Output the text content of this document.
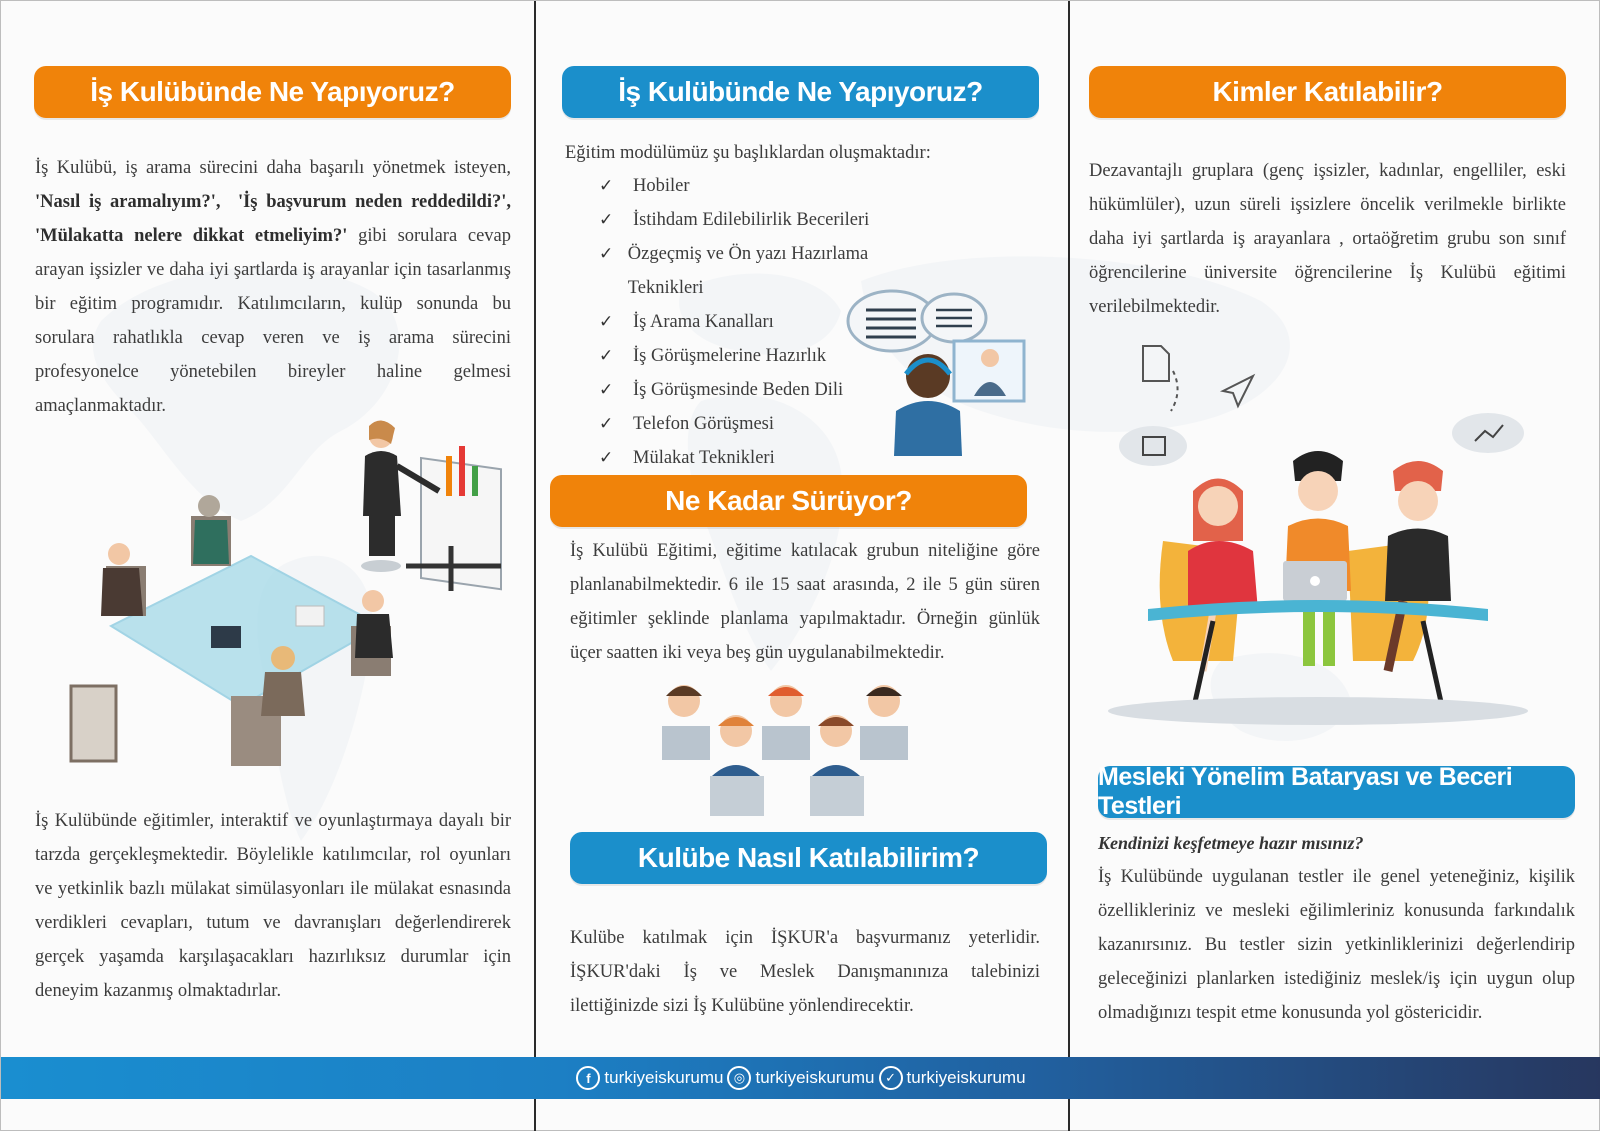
İş Kulübünde Ne Yapıyoruz?

İş Kulübü, iş arama sürecini daha başarılı yönetmek isteyen, 'Nasıl iş aramalıyım?', 'İş başvurum neden reddedildi?', 'Mülakatta nelere dikkat etmeliyim?' gibi sorulara cevap arayan işsizler ve daha iyi şartlarda iş arayanlar için tasarlanmış bir eğitim programıdır. Katılımcıların, kulüp sonunda bu sorulara rahatlıkla cevap veren ve iş arama sürecini profesyonelce yönetebilen bireyler haline gelmesi amaçlanmaktadır.

İş Kulübünde eğitimler, interaktif ve oyunlaştırmaya dayalı bir tarzda gerçekleşmektedir. Böylelikle katılımcılar, rol oyunları ve yetkinlik bazlı mülakat simülasyonları ile mülakat esnasında verdikleri cevapları, tutum ve davranışları değerlendirerek gerçek yaşamda karşılaşacakları hazırlıksız durumlar için deneyim kazanmış olmaktadırlar.

İş Kulübünde Ne Yapıyoruz?

Eğitim modülümüz şu başlıklardan oluşmaktadır:

✓	Hobiler
✓	İstihdam Edilebilirlik Becerileri
✓ Özgeçmiş ve Ön yazı Hazırlama Teknikleri
✓	İş Arama Kanalları
✓	İş Görüşmelerine Hazırlık
✓	İş Görüşmesinde Beden Dili
✓	Telefon Görüşmesi
✓	Mülakat Teknikleri
Ne Kadar Sürüyor?

İş Kulübü Eğitimi, eğitime katılacak grubun niteliğine göre planlanabilmektedir. 6 ile 15 saat arasında, 2 ile 5 gün süren eğitimler şeklinde planlama yapılmaktadır. Örneğin günlük üçer saatten iki veya beş gün uygulanabilmektedir.

Kulübe Nasıl Katılabilirim?

Kulübe katılmak için İŞKUR'a başvurmanız yeterlidir. İŞKUR'daki İş ve Meslek Danışmanınıza talebinizi ilettiğinizde sizi İş Kulübüne yönlendirecektir.

Kimler Katılabilir?

Dezavantajlı gruplara (genç işsizler, kadınlar, engelliler, eski hükümlüler), uzun süreli işsizlere öncelik verilmekle birlikte daha iyi şartlarda iş arayanlara , ortaöğretim grubu son sınıf öğrencilerine üniversite öğrencilerine İş Kulübü eğitimi verilebilmektedir.

Mesleki Yönelim Bataryası ve Beceri Testleri

Kendinizi keşfetmeye hazır mısınız?

İş Kulübünde uygulanan testler ile genel yeteneğiniz, kişilik özellikleriniz ve mesleki eğilimleriniz konusunda farkındalık kazanırsınız. Bu testler sizin yetkinliklerinizi değerlendirip geleceğinizi planlarken istediğiniz meslek/iş için uygun olup olmadığınızı tespit etme konusunda yol göstericidir.

f turkiyeiskurumu ◎ turkiyeiskurumu ✓ turkiyeiskurumu
